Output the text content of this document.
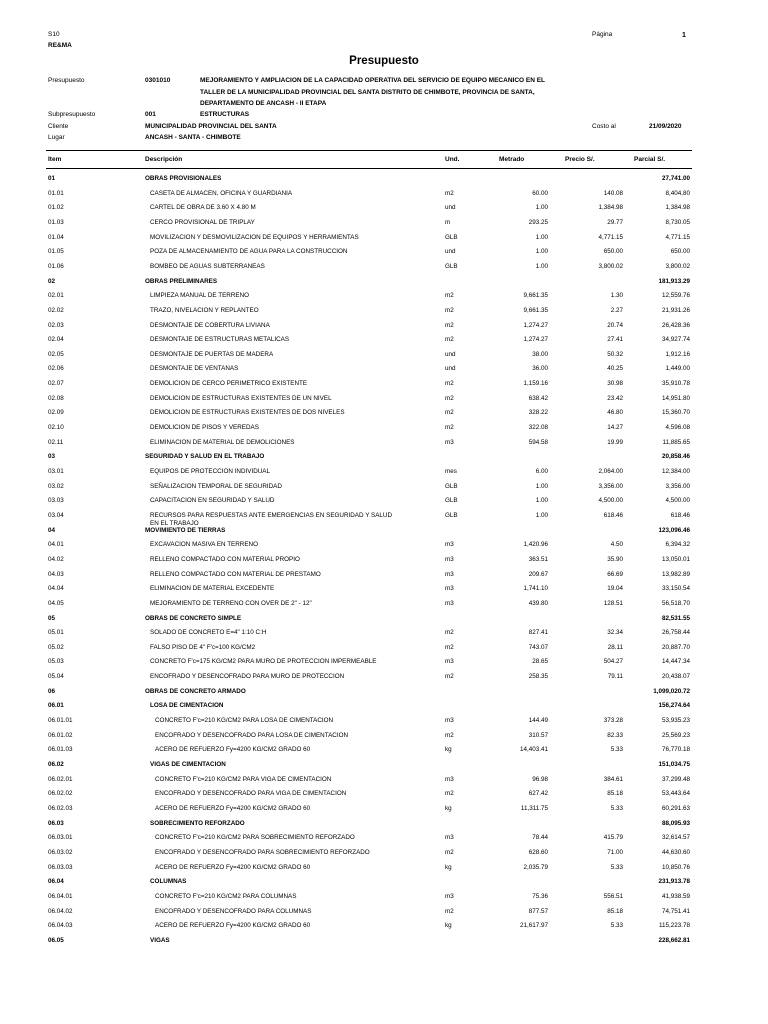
S10
RE&MA
Página	1
Presupuesto
Presupuesto	0301010	MEJORAMIENTO Y AMPLIACION DE LA CAPACIDAD OPERATIVA DEL SERVICIO DE EQUIPO MECANICO EN EL
TALLER DE LA MUNICIPALIDAD PROVINCIAL DEL SANTA DISTRITO DE CHIMBOTE, PROVINCIA DE SANTA,
DEPARTAMENTO DE ANCASH - II ETAPA
Subpresupuesto	001	ESTRUCTURAS
Cliente	MUNICIPALIDAD PROVINCIAL DEL SANTA	Costo al	21/09/2020
Lugar	ANCASH - SANTA - CHIMBOTE
Item	Descripción	Und.	Metrado	Precio S/.	Parcial S/.
01	OBRAS PROVISIONALES	27,741.00
01.01	CASETA DE ALMACEN, OFICINA Y GUARDIANIA	m2	60.00	140.08	8,404.80
01.02	CARTEL DE OBRA DE 3.60 X 4.80 M	und	1.00	1,384.98	1,384.98
01.03	CERCO PROVISIONAL DE TRIPLAY	m	293.25	29.77	8,730.05
01.04	MOVILIZACION Y DESMOVILIZACION DE EQUIPOS Y HERRAMIENTAS	GLB	1.00	4,771.15	4,771.15
01.05	POZA DE ALMACENAMIENTO DE AGUA PARA LA CONSTRUCCION	und	1.00	650.00	650.00
01.06	BOMBEO DE AGUAS SUBTERRANEAS	GLB	1.00	3,800.02	3,800.02
02	OBRAS PRELIMINARES	181,913.29
02.01	LIMPIEZA MANUAL DE TERRENO	m2	9,661.35	1.30	12,559.76
02.02	TRAZO, NIVELACION Y REPLANTEO	m2	9,661.35	2.27	21,931.26
02.03	DESMONTAJE DE COBERTURA LIVIANA	m2	1,274.27	20.74	26,428.36
02.04	DESMONTAJE DE ESTRUCTURAS METALICAS	m2	1,274.27	27.41	34,927.74
02.05	DESMONTAJE DE PUERTAS DE MADERA	und	38.00	50.32	1,912.16
02.06	DESMONTAJE DE VENTANAS	und	36.00	40.25	1,449.00
02.07	DEMOLICION DE CERCO PERIMETRICO EXISTENTE	m2	1,159.16	30.98	35,910.78
02.08	DEMOLICION DE ESTRUCTURAS EXISTENTES DE UN NIVEL	m2	638.42	23.42	14,951.80
02.09	DEMOLICION DE ESTRUCTURAS EXISTENTES DE DOS NIVELES	m2	328.22	46.80	15,360.70
02.10	DEMOLICION DE PISOS Y VEREDAS	m2	322.08	14.27	4,596.08
02.11	ELIMINACION DE MATERIAL DE DEMOLICIONES	m3	594.58	19.99	11,885.65
03	SEGURIDAD Y SALUD EN EL TRABAJO	20,858.46
03.01	EQUIPOS DE PROTECCION INDIVIDUAL	mes	6.00	2,064.00	12,384.00
03.02	SEÑALIZACION TEMPORAL DE SEGURIDAD	GLB	1.00	3,356.00	3,356.00
03.03	CAPACITACION EN SEGURIDAD Y SALUD	GLB	1.00	4,500.00	4,500.00
03.04	RECURSOS PARA RESPUESTAS ANTE EMERGENCIAS EN SEGURIDAD Y SALUD	GLB	1.00	618.46	618.46
EN EL TRABAJO
04	MOVIMIENTO DE TIERRAS	123,096.46
04.01	EXCAVACION MASIVA EN TERRENO	m3	1,420.96	4.50	6,394.32
04.02	RELLENO COMPACTADO CON MATERIAL PROPIO	m3	363.51	35.90	13,050.01
04.03	RELLENO COMPACTADO CON MATERIAL DE PRESTAMO	m3	209.67	66.69	13,982.89
04.04	ELIMINACION DE MATERIAL EXCEDENTE	m3	1,741.10	19.04	33,150.54
04.05	MEJORAMIENTO DE TERRENO CON OVER DE 2" - 12"	m3	439.80	128.51	56,518.70
05	OBRAS DE CONCRETO SIMPLE	82,531.55
05.01	SOLADO DE CONCRETO E=4" 1:10 C:H	m2	827.41	32.34	26,758.44
05.02	FALSO PISO DE 4" F'c=100 KG/CM2	m2	743.07	28.11	20,887.70
05.03	CONCRETO F'c=175 KG/CM2 PARA MURO DE PROTECCION IMPERMEABLE	m3	28.65	504.27	14,447.34
05.04	ENCOFRADO Y DESENCOFRADO PARA MURO DE PROTECCION	m2	258.35	79.11	20,438.07
06	OBRAS DE CONCRETO ARMADO	1,099,020.72
06.01	LOSA DE CIMENTACION	156,274.64
06.01.01	CONCRETO F'c=210 KG/CM2 PARA LOSA DE CIMENTACION	m3	144.49	373.28	53,935.23
06.01.02	ENCOFRADO Y DESENCOFRADO PARA LOSA DE CIMENTACION	m2	310.57	82.33	25,569.23
06.01.03	ACERO DE REFUERZO Fy=4200 KG/CM2 GRADO 60	kg	14,403.41	5.33	76,770.18
06.02	VIGAS DE CIMENTACION	151,034.75
06.02.01	CONCRETO F'c=210 KG/CM2 PARA VIGA DE CIMENTACION	m3	96.98	384.61	37,299.48
06.02.02	ENCOFRADO Y DESENCOFRADO PARA VIGA DE CIMENTACION	m2	627.42	85.18	53,443.64
06.02.03	ACERO DE REFUERZO Fy=4200 KG/CM2 GRADO 60	kg	11,311.75	5.33	60,291.63
06.03	SOBRECIMIENTO REFORZADO	88,095.93
06.03.01	CONCRETO F'c=210 KG/CM2 PARA SOBRECIMIENTO REFORZADO	m3	78.44	415.79	32,614.57
06.03.02	ENCOFRADO Y DESENCOFRADO PARA SOBRECIMIENTO REFORZADO	m2	628.60	71.00	44,630.60
06.03.03	ACERO DE REFUERZO Fy=4200 KG/CM2 GRADO 60	kg	2,035.79	5.33	10,850.76
06.04	COLUMNAS	231,913.78
06.04.01	CONCRETO F'c=210 KG/CM2 PARA COLUMNAS	m3	75.36	556.51	41,938.59
06.04.02	ENCOFRADO Y DESENCOFRADO PARA COLUMNAS	m2	877.57	85.18	74,751.41
06.04.03	ACERO DE REFUERZO Fy=4200 KG/CM2 GRADO 60	kg	21,617.97	5.33	115,223.78
06.05	VIGAS	228,662.81
